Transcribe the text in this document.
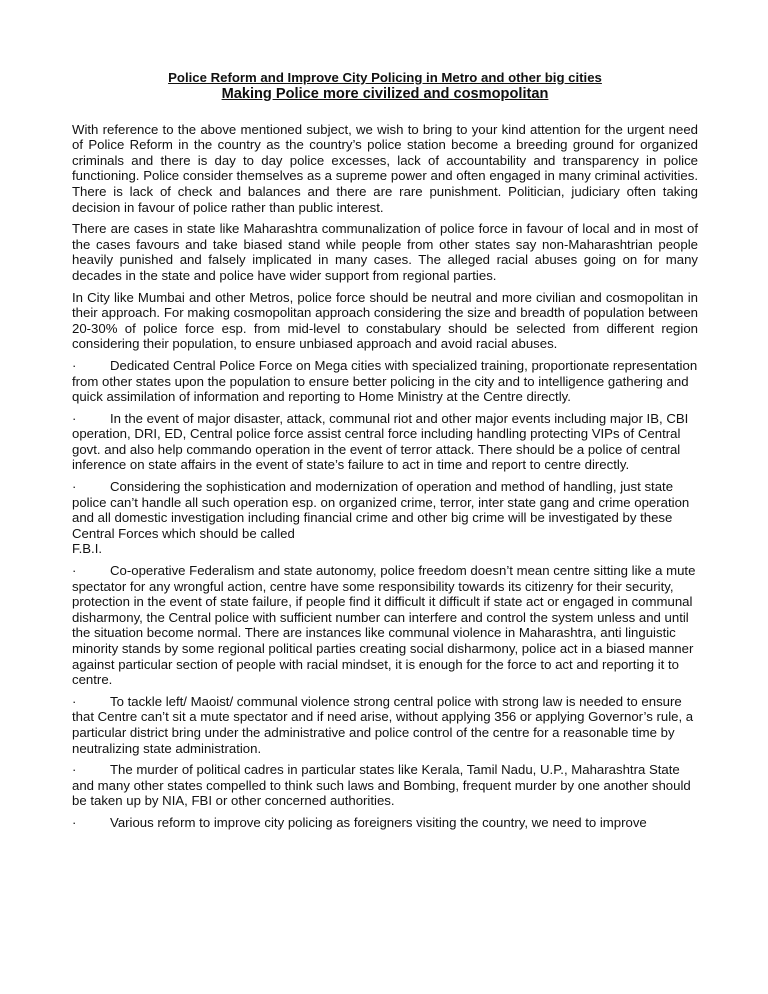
Police Reform and Improve City Policing in Metro and other big cities

Making Police more civilized and cosmopolitan

With reference to the above mentioned subject, we wish to bring to your kind attention for the urgent need of Police Reform in the country as the country’s police station become a breeding ground for organized criminals and there is day to day police excesses, lack of accountability and transparency in police functioning. Police consider themselves as a supreme power and often engaged in many criminal activities. There is lack of check and balances and there are rare punishment. Politician, judiciary often taking decision in favour of police rather than public interest.

There are cases in state like Maharashtra communalization of police force in favour of local and in most of the cases favours and take biased stand while people from other states say non-Maharashtrian people heavily punished and falsely implicated in many cases. The alleged racial abuses going on for many decades in the state and police have wider support from regional parties.

In City like Mumbai and other Metros, police force should be neutral and more civilian and cosmopolitan in their approach. For making cosmopolitan approach considering the size and breadth of population between 20-30% of police force esp. from mid-level to constabulary should be selected from different region considering their population, to ensure unbiased approach and avoid racial abuses.

·	Dedicated Central Police Force on Mega cities with specialized training, proportionate representation from other states upon the population to ensure better policing in the city and to intelligence gathering and quick assimilation of information and reporting to Home Ministry at the Centre directly.

·	In the event of major disaster, attack, communal riot and other major events including major IB, CBI operation, DRI, ED, Central police force assist central force including handling protecting VIPs of Central govt. and also help commando operation in the event of terror attack. There should be a police of central inference on state affairs in the event of state’s failure to act in time and report to centre directly.

·	Considering the sophistication and modernization of operation and method of handling, just state police can’t handle all such operation esp. on organized crime, terror, inter state gang and crime operation and all domestic investigation including financial crime and other big crime will be investigated by these Central Forces which should be called
F.B.I.

·	Co-operative Federalism and state autonomy, police freedom doesn’t mean centre sitting like a mute spectator for any wrongful action, centre have some responsibility towards its citizenry for their security, protection in the event of state failure, if people find it difficult it difficult if state act or engaged in communal disharmony, the Central police with sufficient number can interfere and control the system unless and until the situation become normal. There are instances like communal violence in Maharashtra, anti linguistic minority stands by some regional political parties creating social disharmony, police act in a biased manner against particular section of people with racial mindset, it is enough for the force to act and reporting it to centre.

·	To tackle left/ Maoist/ communal violence strong central police with strong law is needed to ensure that Centre can’t sit a mute spectator and if need arise, without applying 356 or applying Governor’s rule, a particular district bring under the administrative and police control of the centre for a reasonable time by neutralizing state administration.

·	The murder of political cadres in particular states like Kerala, Tamil Nadu, U.P., Maharashtra State and many other states compelled to think such laws and Bombing, frequent murder by one another should be taken up by NIA, FBI or other concerned authorities.

·	Various reform to improve city policing as foreigners visiting the country, we need to improve
